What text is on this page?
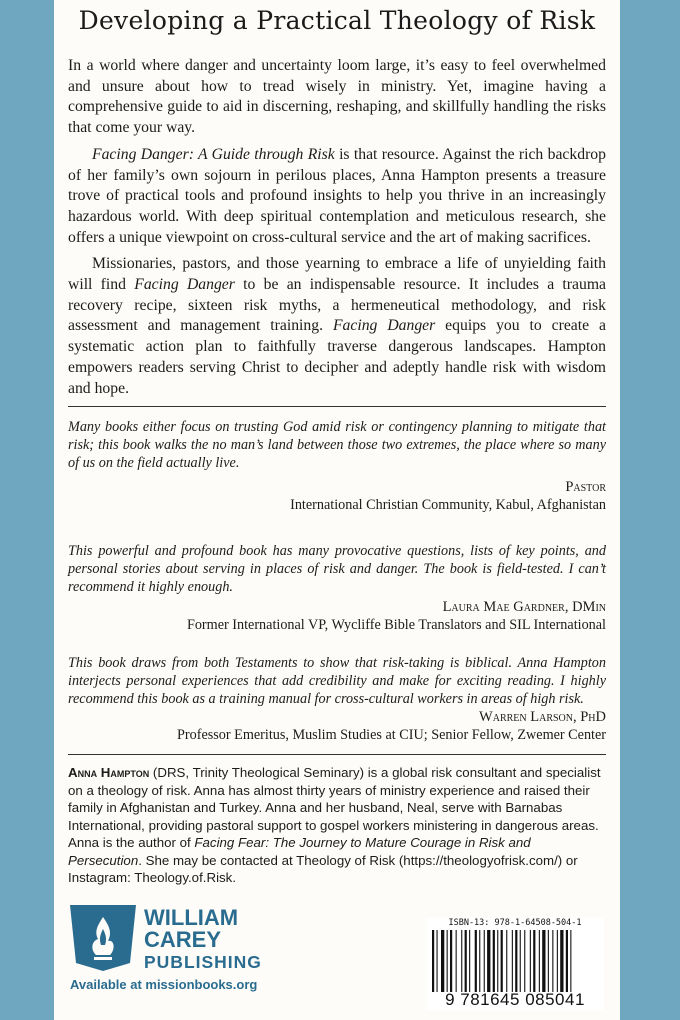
Developing a Practical Theology of Risk

In a world where danger and uncertainty loom large, it’s easy to feel overwhelmed and unsure about how to tread wisely in ministry. Yet, imagine having a comprehensive guide to aid in discerning, reshaping, and skillfully handling the risks that come your way.

Facing Danger: A Guide through Risk is that resource. Against the rich backdrop of her family’s own sojourn in perilous places, Anna Hampton presents a treasure trove of practical tools and profound insights to help you thrive in an increasingly hazardous world. With deep spiritual contemplation and meticulous research, she offers a unique viewpoint on cross-cultural service and the art of making sacrifices.

Missionaries, pastors, and those yearning to embrace a life of unyielding faith will find Facing Danger to be an indispensable resource. It includes a trauma recovery recipe, sixteen risk myths, a hermeneutical methodology, and risk assessment and management training. Facing Danger equips you to create a systematic action plan to faithfully traverse dangerous landscapes. Hampton empowers readers serving Christ to decipher and adeptly handle risk with wisdom and hope.

Many books either focus on trusting God amid risk or contingency planning to mitigate that risk; this book walks the no man’s land between those two extremes, the place where so many of us on the field actually live.
Pastor
International Christian Community, Kabul, Afghanistan
This powerful and profound book has many provocative questions, lists of key points, and personal stories about serving in places of risk and danger. The book is field-tested. I can’t recommend it highly enough.
Laura Mae Gardner, DMin
Former International VP, Wycliffe Bible Translators and SIL International
This book draws from both Testaments to show that risk-taking is biblical. Anna Hampton interjects personal experiences that add credibility and make for exciting reading. I highly recommend this book as a training manual for cross-cultural workers in areas of high risk.
Warren Larson, PhD
Professor Emeritus, Muslim Studies at CIU; Senior Fellow, Zwemer Center
Anna Hampton (DRS, Trinity Theological Seminary) is a global risk consultant and specialist on a theology of risk. Anna has almost thirty years of ministry experience and raised their family in Afghanistan and Turkey. Anna and her husband, Neal, serve with Barnabas International, providing pastoral support to gospel workers ministering in dangerous areas. Anna is the author of Facing Fear: The Journey to Mature Courage in Risk and Persecution. She may be contacted at Theology of Risk (https://theologyofrisk.com/) or Instagram: Theology.of.Risk.
WILLIAM
CAREY
PUBLISHING
Available at missionbooks.org
ISBN-13: 978-1-64508-504-1
9 781645 085041
